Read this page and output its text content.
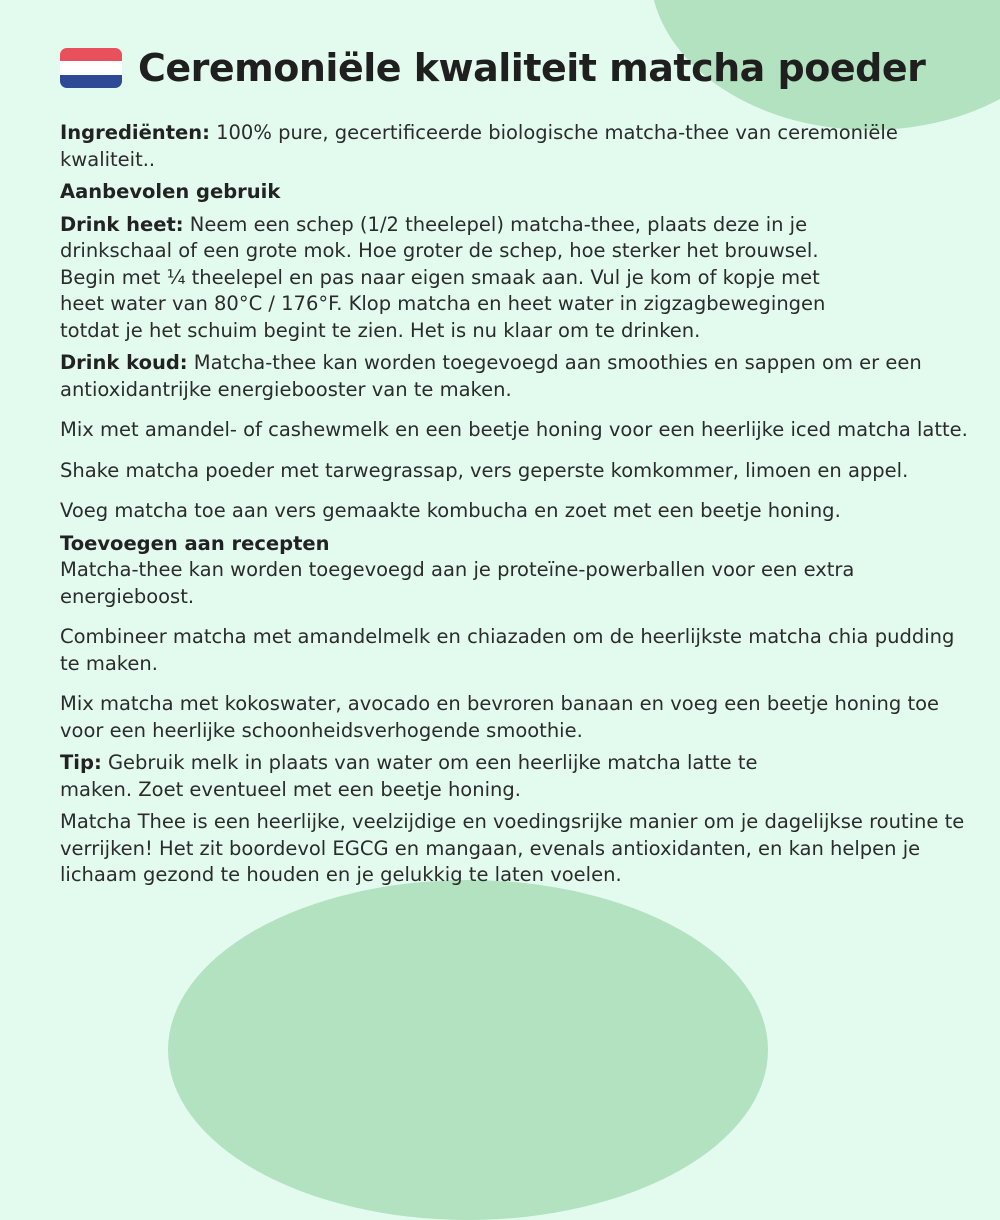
Ceremoniële kwaliteit matcha poeder

Ingrediënten: 100% pure, gecertificeerde biologische matcha-thee van ceremoniële kwaliteit..

Aanbevolen gebruik

Drink heet: Neem een schep (1/2 theelepel) matcha-thee, plaats deze in je
drinkschaal of een grote mok. Hoe groter de schep, hoe sterker het brouwsel.
Begin met ¼ theelepel en pas naar eigen smaak aan. Vul je kom of kopje met
heet water van 80°C / 176°F. Klop matcha en heet water in zigzagbewegingen
totdat je het schuim begint te zien. Het is nu klaar om te drinken.

Drink koud: Matcha-thee kan worden toegevoegd aan smoothies en sappen om er een antioxidantrijke energiebooster van te maken.

Mix met amandel- of cashewmelk en een beetje honing voor een heerlijke iced matcha latte.

Shake matcha poeder met tarwegrassap, vers geperste komkommer, limoen en appel.

Voeg matcha toe aan vers gemaakte kombucha en zoet met een beetje honing.

Toevoegen aan recepten

Matcha-thee kan worden toegevoegd aan je proteïne-powerballen voor een extra energieboost.

Combineer matcha met amandelmelk en chiazaden om de heerlijkste matcha chia pudding te maken.

Mix matcha met kokoswater, avocado en bevroren banaan en voeg een beetje honing toe voor een heerlijke schoonheidsverhogende smoothie.

Tip: Gebruik melk in plaats van water om een heerlijke matcha latte te
maken. Zoet eventueel met een beetje honing.

Matcha Thee is een heerlijke, veelzijdige en voedingsrijke manier om je dagelijkse routine te verrijken! Het zit boordevol EGCG en mangaan, evenals antioxidanten, en kan helpen je lichaam gezond te houden en je gelukkig te laten voelen.
